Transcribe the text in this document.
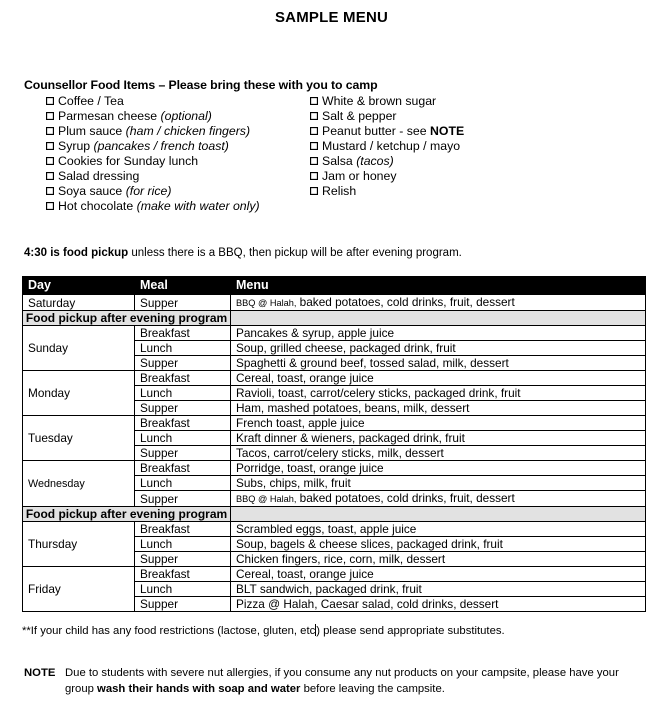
SAMPLE MENU
Counsellor Food Items – Please bring these with you to camp
Coffee / Tea
Parmesan cheese (optional)
Plum sauce (ham / chicken fingers)
Syrup (pancakes / french toast)
Cookies for Sunday lunch
Salad dressing
Soya sauce (for rice)
Hot chocolate (make with water only)
White & brown sugar
Salt & pepper
Peanut butter - see NOTE
Mustard / ketchup / mayo
Salsa (tacos)
Jam or honey
Relish
4:30 is food pickup unless there is a BBQ, then pickup will be after evening program.
Day	Meal	Menu
Saturday	Supper	BBQ @ Halah, baked potatoes, cold drinks, fruit, dessert
Food pickup after evening program		
Sunday	Breakfast	Pancakes & syrup, apple juice
	Lunch	Soup, grilled cheese, packaged drink, fruit
	Supper	Spaghetti & ground beef, tossed salad, milk, dessert
Monday	Breakfast	Cereal, toast, orange juice
	Lunch	Ravioli, toast, carrot/celery sticks, packaged drink, fruit
	Supper	Ham, mashed potatoes, beans, milk, dessert
Tuesday	Breakfast	French toast, apple juice
	Lunch	Kraft dinner & wieners, packaged drink, fruit
	Supper	Tacos, carrot/celery sticks, milk, dessert
Wednesday	Breakfast	Porridge, toast, orange juice
	Lunch	Subs, chips, milk, fruit
	Supper	BBQ @ Halah, baked potatoes, cold drinks, fruit, dessert
Food pickup after evening program		
Thursday	Breakfast	Scrambled eggs, toast, apple juice
	Lunch	Soup, bagels & cheese slices, packaged drink, fruit
	Supper	Chicken fingers, rice, corn, milk, dessert
Friday	Breakfast	Cereal, toast, orange juice
	Lunch	BLT sandwich, packaged drink, fruit
	Supper	Pizza @ Halah, Caesar salad, cold drinks, dessert
**If your child has any food restrictions (lactose, gluten, etc) please send appropriate substitutes.
NOTE Due to students with severe nut allergies, if you consume any nut products on your campsite, please have your group wash their hands with soap and water before leaving the campsite.
